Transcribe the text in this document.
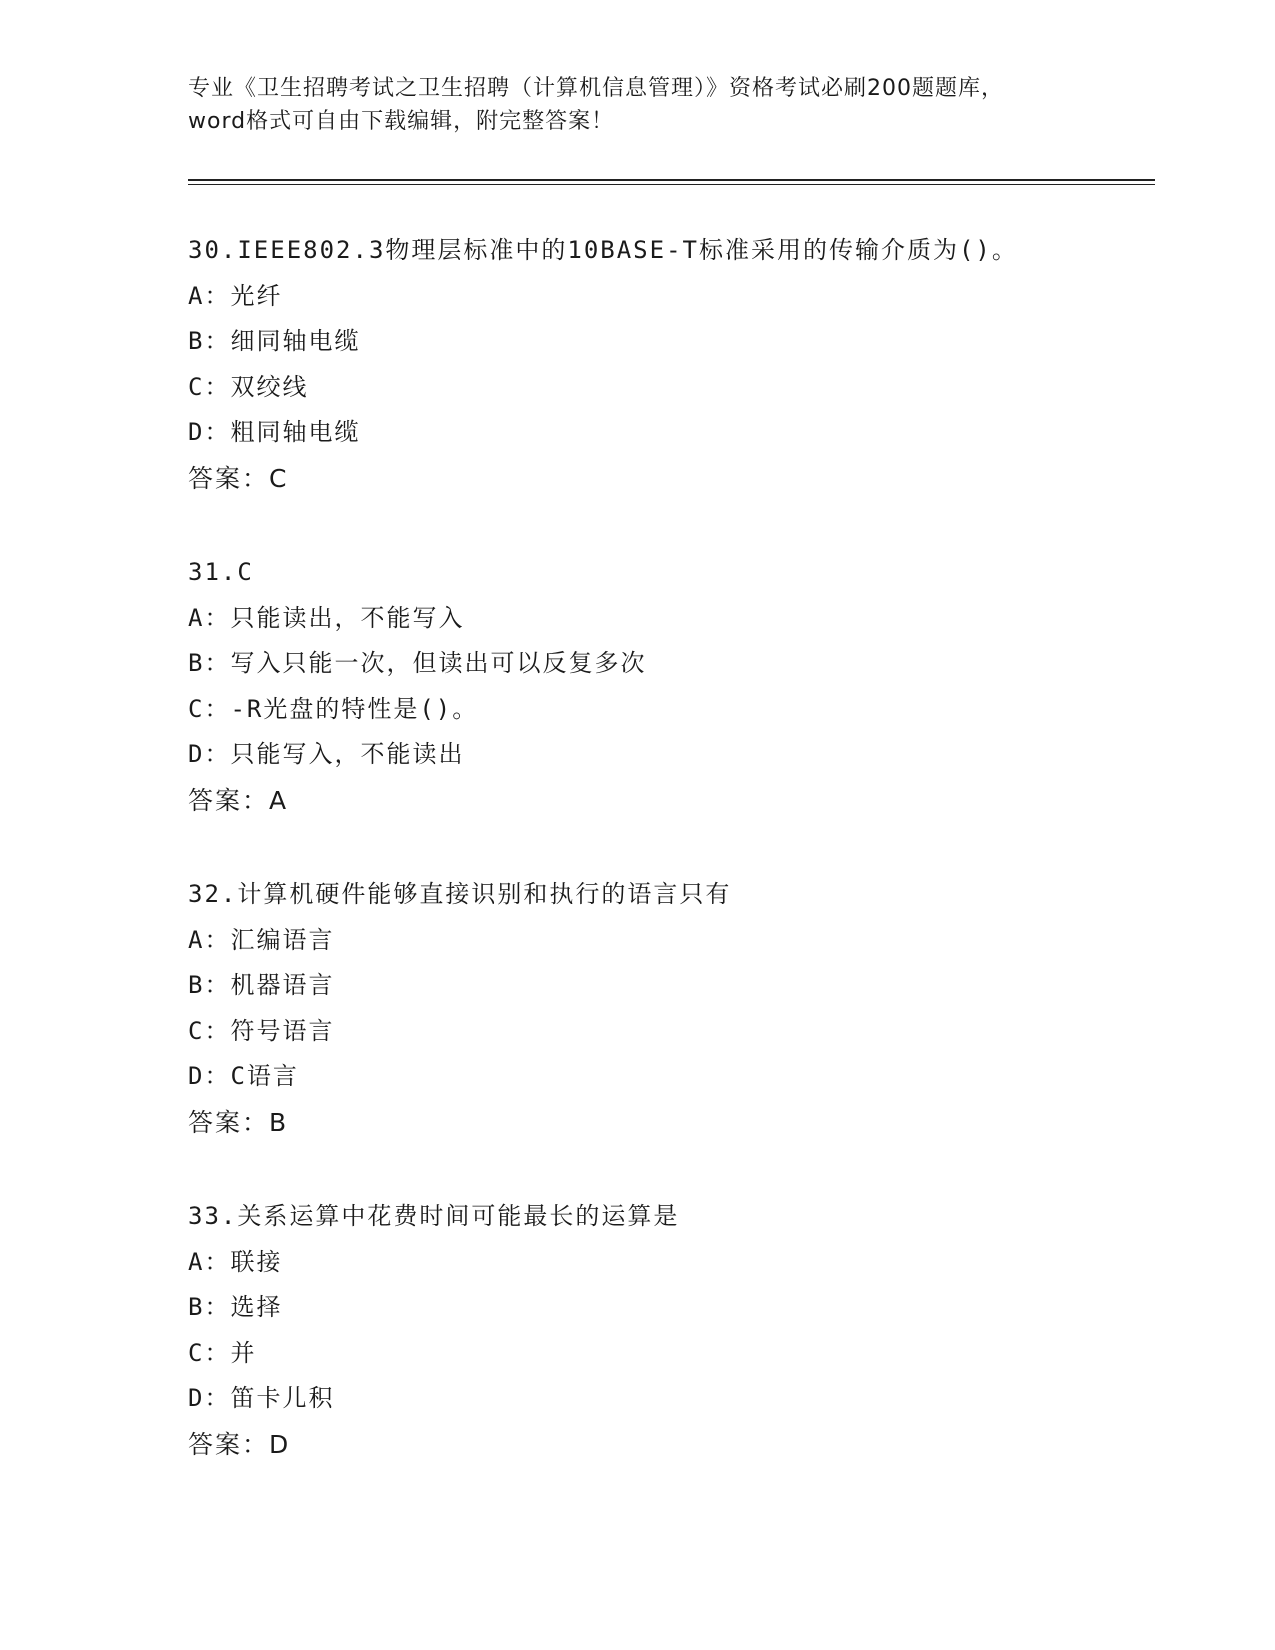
专业《卫生招聘考试之卫生招聘（计算机信息管理）》资格考试必刷200题题库，
word格式可自由下载编辑，附完整答案！
30.IEEE802.3物理层标准中的10BASE-T标准采用的传输介质为()。
A：光纤
B：细同轴电缆
C：双绞线
D：粗同轴电缆
答案：C
31.C
A：只能读出，不能写入
B：写入只能一次，但读出可以反复多次
C：-R光盘的特性是()。
D：只能写入，不能读出
答案：A
32.计算机硬件能够直接识别和执行的语言只有
A：汇编语言
B：机器语言
C：符号语言
D：C语言
答案：B
33.关系运算中花费时间可能最长的运算是
A：联接
B：选择
C：并
D：笛卡儿积
答案：D
